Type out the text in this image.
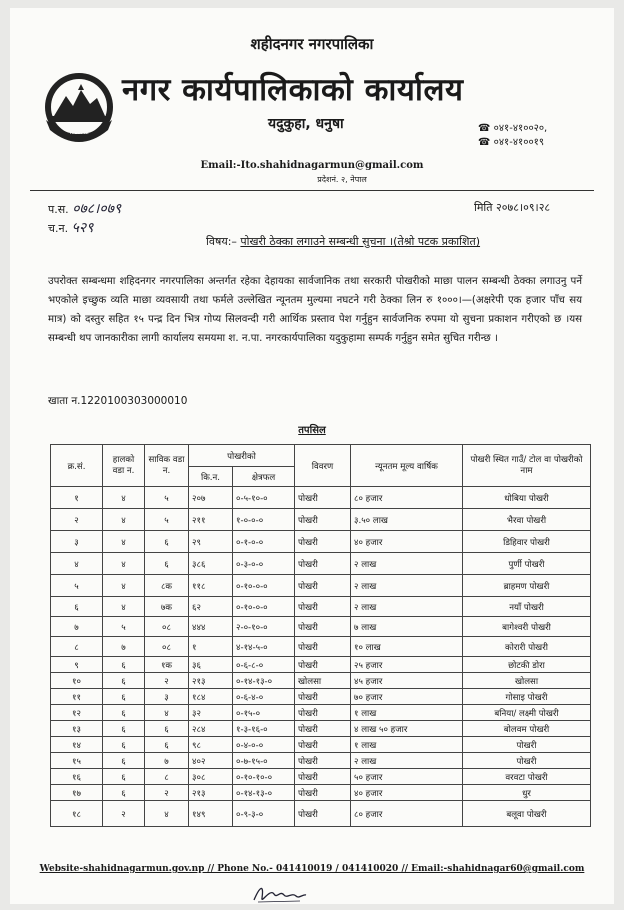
शहीदनगर नगरपालिका
NEPAL
नगर कार्यपालिकाको कार्यालय
यदुकुहा, धनुषा	☎ ०४१-४१००२०,
☎ ०४१-४१००१९
Email:-Ito.shahidnagarmun@gmail.com
प्रदेशनं. २, नेपाल
प.स. ०७८।०७९
च.न. ५२९
मिति २०७८।०९।२८
विषय:– पोखरी ठेक्का लगाउने सम्बन्धी सुचना ।(तेश्रो पटक प्रकाशित)
उपरोक्त सम्बन्धमा शहिदनगर नगरपालिका अन्तर्गत रहेका देहायका सार्वजानिक तथा सरकारी पोखरीको माछा पालन सम्बन्धी ठेक्का लगाउनु पर्ने भएकोले इच्छुक व्यति माछा व्यवसायी तथा फर्मले उल्लेखित न्यूनतम मुल्यमा नघटने गरी ठेक्का लिन रु १०००।—(अक्षरेपी एक हजार पाँच सय मात्र) को दस्तुर सहित १५ पन्द्र दिन भित्र गोप्य सिलवन्दी गरी आर्थिक प्रस्ताव पेश गर्नुहुन सार्वजनिक रुपमा यो सुचना प्रकाशन गरीएको छ ।यस सम्बन्धी थप जानकारीका लागी कार्यालय समयमा श. न.पा. नगरकार्यपालिका यदुकुहामा सम्पर्क गर्नुहुन समेत सुचित गरीन्छ ।
खाता न.1220100303000010
तपसिल
क्र.सं.	हालको वडा न.	साविक वडा न.	पोखरीको		विवरण	न्यूनतम मूल्य वार्षिक	पोखरी स्थित गाउँ/ टोल वा पोखरीको नाम
			कि.न.	क्षेत्रफल			
१	४	५	२०७	०-५-१०-०	पोखरी	८० हजार	धोबिया पोखरी
२	४	५	२११	१-०-०-०	पोखरी	३.५० लाख	भैरवा पोखरी
३	४	६	२९	०-१-०-०	पोखरी	४० हजार	डिहिवार पोखरी
४	४	६	३८६	०-३-०-०	पोखरी	२ लाख	पुर्णी पोखरी
५	४	८क	११८	०-१०-०-०	पोखरी	२ लाख	ब्राहमण पोखरी
६	४	७क	६२	०-१०-०-०	पोखरी	२ लाख	नयाँ पोखरी
७	५	०८	४४४	२-०-१०-०	पोखरी	७ लाख	बागेश्वरी पोखरी
८	७	०८	१	४-१४-५-०	पोखरी	१० लाख	कोरारी पोखरी
९	६	१क	३६	०-६-८-०	पोखरी	२५ हजार	छोटकी डोरा
१०	६	२	२१३	०-१४-१३-०	खोलसा	४५ हजार	खोलसा
११	६	३	१८४	०-६-४-०	पोखरी	७० हजार	गोसाइ पोखरी
१२	६	४	३२	०-१५-०	पोखरी	१ लाख	बनिया/ लक्ष्मी पोखरी
१३	६	६	२८४	१-३-१६-०	पोखरी	४ लाख ५० हजार	बोलवम पोखरी
१४	६	६	९८	०-४-०-०	पोखरी	१ लाख	पोखरी
१५	६	७	४०२	०-७-१५-०	पोखरी	२ लाख	पोखरी
१६	६	८	३०८	०-१०-१०-०	पोखरी	५० हजार	वरवटा पोखरी
१७	६	२	२१३	०-१४-१३-०	पोखरी	४० हजार	धुर
१८	२	४	१४९	०-९-३-०	पोखरी	८० हजार	बलूवा पोखरी
Website-shahidnagarmun.gov.np // Phone No.- 041410019 / 041410020 // Email:-shahidnagar60@gmail.com
